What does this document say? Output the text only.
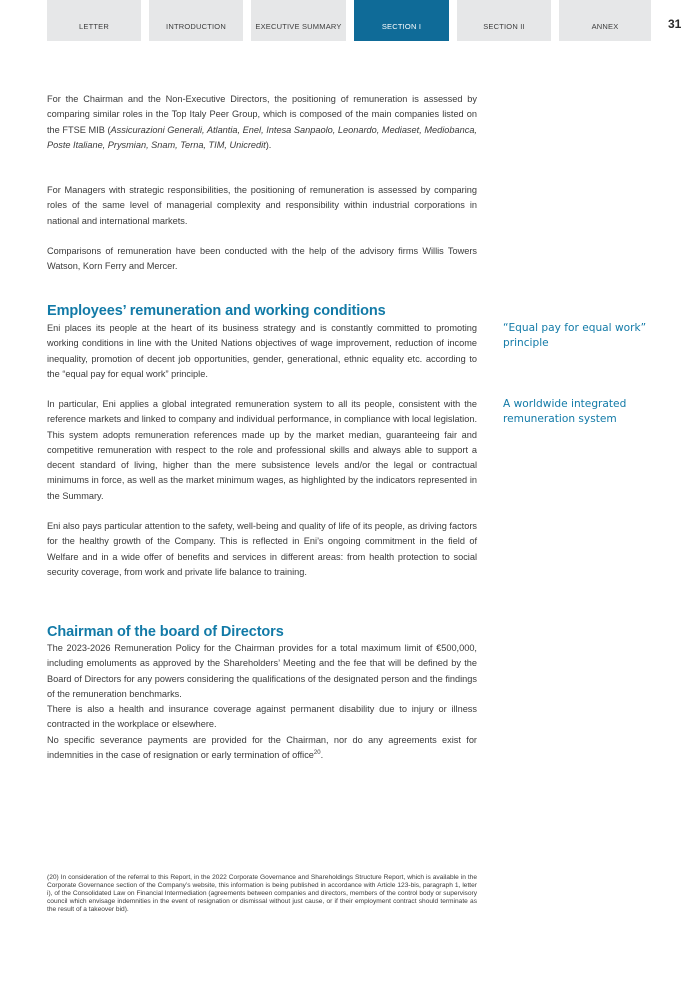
LETTER	INTRODUCTION	EXECUTIVE SUMMARY	SECTION I	SECTION II	ANNEX	31

For the Chairman and the Non-Executive Directors, the positioning of remuneration is assessed by comparing similar roles in the Top Italy Peer Group, which is composed of the main companies listed on the FTSE MIB (Assicurazioni Generali, Atlantia, Enel, Intesa Sanpaolo, Leonardo, Mediaset, Mediobanca, Poste Italiane, Prysmian, Snam, Terna, TIM, Unicredit).

For Managers with strategic responsibilities, the positioning of remuneration is assessed by comparing roles of the same level of managerial complexity and responsibility within industrial corporations in national and international markets.

Comparisons of remuneration have been conducted with the help of the advisory firms Willis Towers Watson, Korn Ferry and Mercer.

Employees’ remuneration and working conditions

Eni places its people at the heart of its business strategy and is constantly committed to promoting working conditions in line with the United Nations objectives of wage improvement, reduction of income inequality, promotion of decent job opportunities, gender, generational, ethnic equality etc. according to the “equal pay for equal work” principle.

In particular, Eni applies a global integrated remuneration system to all its people, consistent with the reference markets and linked to company and individual performance, in compliance with local legislation. This system adopts remuneration references made up by the market median, guaranteeing fair and competitive remuneration with respect to the role and professional skills and always able to support a decent standard of living, higher than the mere subsistence levels and/or the legal or contractual minimums in force, as well as the market minimum wages, as highlighted by the indicators represented in the Summary.

Eni also pays particular attention to the safety, well-being and quality of life of its people, as driving factors for the healthy growth of the Company. This is reflected in Eni’s ongoing commitment in the field of Welfare and in a wide offer of benefits and services in different areas: from health protection to social security coverage, from work and private life balance to training.

“Equal pay for equal work” principle
A worldwide integrated remuneration system
Chairman of the board of Directors

The 2023-2026 Remuneration Policy for the Chairman provides for a total maximum limit of €500,000, including emoluments as approved by the Shareholders’ Meeting and the fee that will be defined by the Board of Directors for any powers considering the qualifications of the designated person and the findings of the remuneration benchmarks.

There is also a health and insurance coverage against permanent disability due to injury or illness contracted in the workplace or elsewhere.

No specific severance payments are provided for the Chairman, nor do any agreements exist for indemnities in the case of resignation or early termination of office$^{20}$.

(20) In consideration of the referral to this Report, in the 2022 Corporate Governance and Shareholdings Structure Report, which is available in the Corporate Governance section of the Company’s website, this information is being published in accordance with Article 123-bis, paragraph 1, letter i), of the Consolidated Law on Financial Intermediation (agreements between companies and directors, members of the control body or supervisory council which envisage indemnities in the event of resignation or dismissal without just cause, or if their employment contract should terminate as the result of a takeover bid).
